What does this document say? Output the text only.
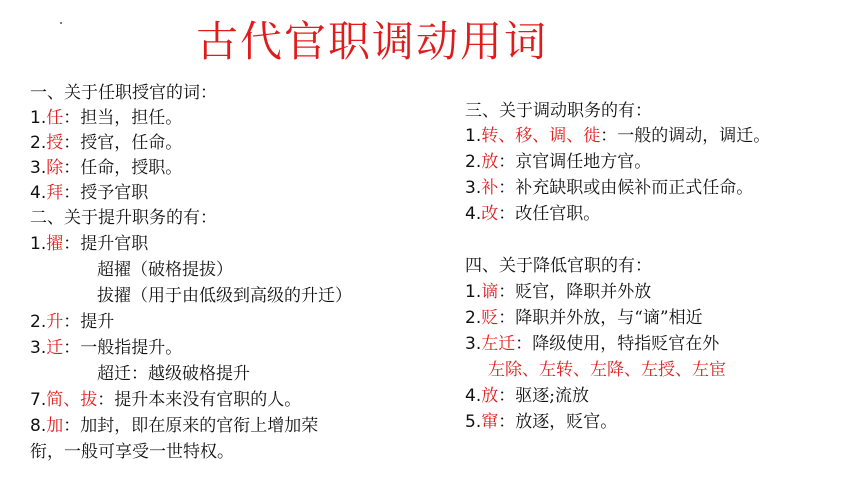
古代官职调动用词
一、关于任职授官的词：
1.任：担当，担任。
2.授：授官，任命。
3.除：任命，授职。
4.拜：授予官职
二、关于提升职务的有：
1.擢：提升官职
超擢（破格提拔）
拔擢（用于由低级到高级的升迁）
2.升：提升
3.迁：一般指提升。
超迁：越级破格提升
7.简、拔：提升本来没有官职的人。
8.加：加封，即在原来的官衔上增加荣
衔，一般可享受一世特权。
三、关于调动职务的有：
1.转、移、调、徙：一般的调动，调迁。
2.放：京官调任地方官。
3.补：补充缺职或由候补而正式任命。
4.改：改任官职。
四、关于降低官职的有：
1.谪：贬官，降职并外放
2.贬：降职并外放，与“谪”相近
3.左迁：降级使用，特指贬官在外
左除、左转、左降、左授、左宦
4.放：驱逐;流放
5.窜：放逐，贬官。
